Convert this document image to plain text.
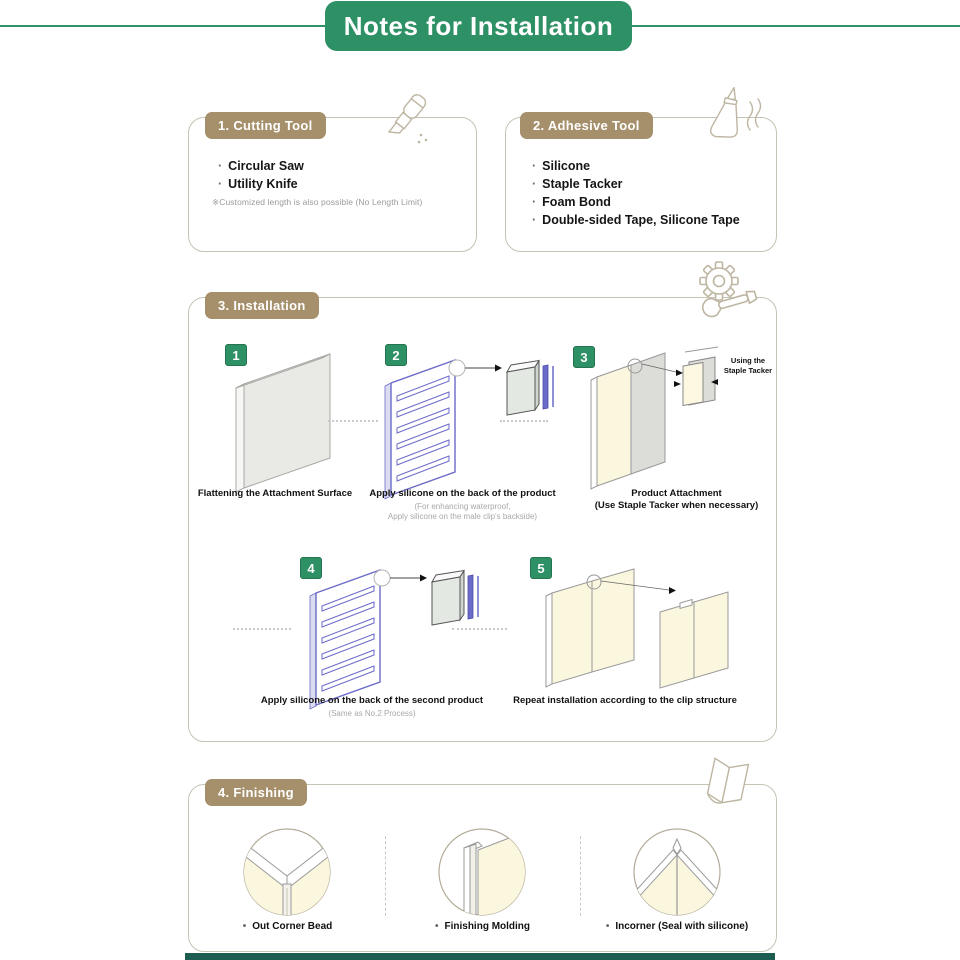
Notes for Installation
1. Cutting Tool
· Circular Saw
· Utility Knife
※Customized length is also possible (No Length Limit)
2. Adhesive Tool
· Silicone
· Staple Tacker
· Foam Bond
· Double-sided Tape, Silicone Tape
3. Installation
1	2	3
4	5
Using the
Staple Tacker
Flattening the Attachment Surface	Apply silicone on the back of the product
(For enhancing waterproof,
Apply silicone on the male clip's backside)
Product Attachment
(Use Staple Tacker when necessary)
Apply silicone on the back of the second product
(Same as No.2 Process)
Repeat installation according to the clip structure
4. Finishing
• Out Corner Bead	• Finishing Molding	• Incorner (Seal with silicone)
